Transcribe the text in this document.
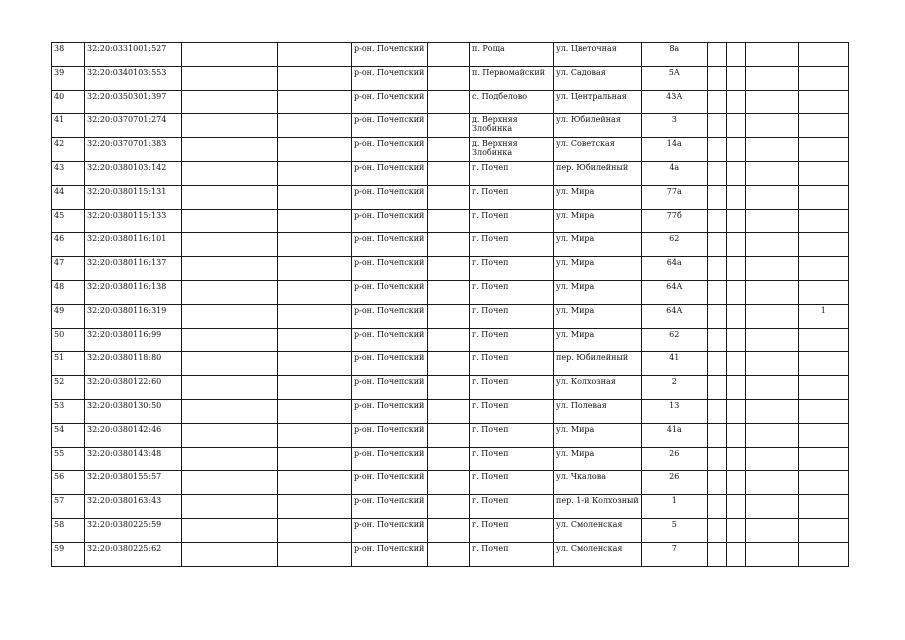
38	32:20:0331001:527			р-он. Почепский		п. Роща	ул. Цветочная	8а				
39	32:20:0340103:553			р-он. Почепский		п. Первомайский	ул. Садовая	5А				
40	32:20:0350301:397			р-он. Почепский		с. Подбелово	ул. Центральная	43А				
41	32:20:0370701:274			р-он. Почепский		д. Верхняя Злобинка	ул. Юбилейная	3				
42	32:20:0370701:383			р-он. Почепский		д. Верхняя Злобинка	ул. Советская	14а				
43	32:20:0380103:142			р-он. Почепский		г. Почеп	пер. Юбилейный	4а				
44	32:20:0380115:131			р-он. Почепский		г. Почеп	ул. Мира	77а				
45	32:20:0380115:133			р-он. Почепский		г. Почеп	ул. Мира	77б				
46	32:20:0380116:101			р-он. Почепский		г. Почеп	ул. Мира	62				
47	32:20:0380116:137			р-он. Почепский		г. Почеп	ул. Мира	64а				
48	32:20:0380116:138			р-он. Почепский		г. Почеп	ул. Мира	64А				
49	32:20:0380116:319			р-он. Почепский		г. Почеп	ул. Мира	64А				1
50	32:20:0380116:99			р-он. Почепский		г. Почеп	ул. Мира	62				
51	32:20:0380118:80			р-он. Почепский		г. Почеп	пер. Юбилейный	41				
52	32:20:0380122:60			р-он. Почепский		г. Почеп	ул. Колхозная	2				
53	32:20:0380130:50			р-он. Почепский		г. Почеп	ул. Полевая	13				
54	32:20:0380142:46			р-он. Почепский		г. Почеп	ул. Мира	41а				
55	32:20:0380143:48			р-он. Почепский		г. Почеп	ул. Мира	26				
56	32:20:0380155:57			р-он. Почепский		г. Почеп	ул. Чкалова	26				
57	32:20:0380163:43			р-он. Почепский		г. Почеп	пер. 1-й Колхозный	1				
58	32:20:0380225:59			р-он. Почепский		г. Почеп	ул. Смоленская	5				
59	32:20:0380225:62			р-он. Почепский		г. Почеп	ул. Смоленская	7				
